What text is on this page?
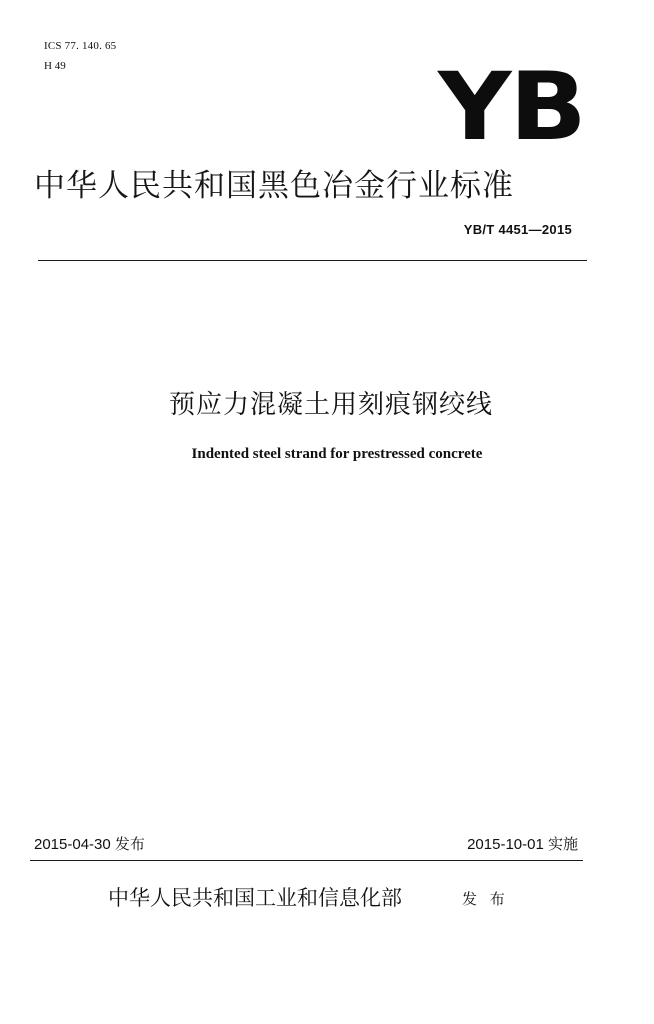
ICS 77. 140. 65
H 49	YB
中华人民共和国黑色冶金行业标准
YB/T 4451—2015
预应力混凝土用刻痕钢绞线
Indented steel strand for prestressed concrete
2015-04-30 发布	2015-10-01 实施
中华人民共和国工业和信息化部	发 布
